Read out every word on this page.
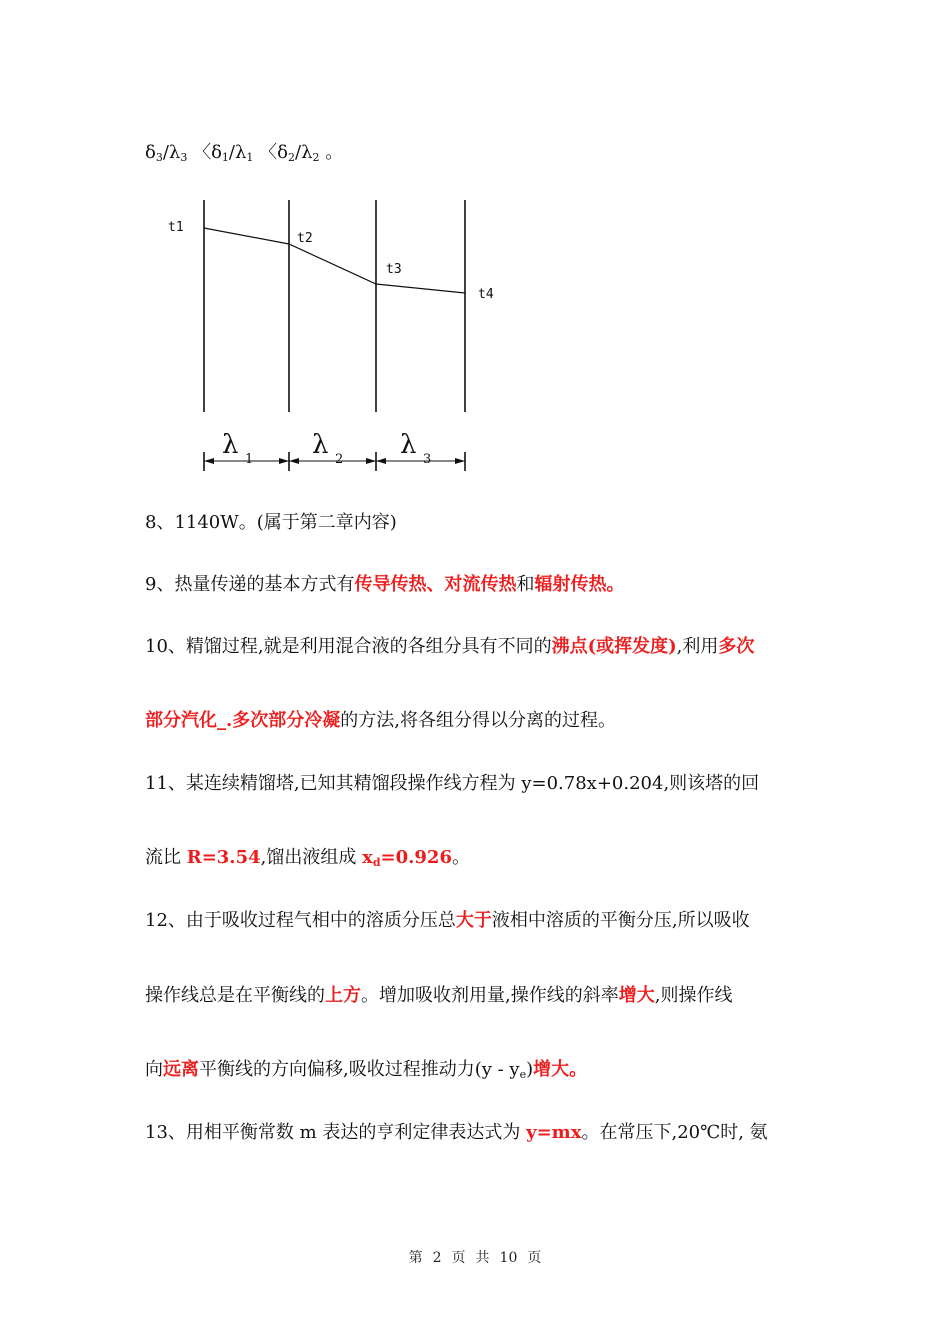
$\delta_3/\lambda_3$ 〈$\delta_1/\lambda_1$ 〈$\delta_2/\lambda_2$ 。
t1
t2
t3
t4
λ 1 λ 2 λ 3
8、1140W。(属于第二章内容)
9、热量传递的基本方式有传导传热、对流传热和辐射传热。
10、精馏过程,就是利用混合液的各组分具有不同的沸点(或挥发度),利用多次
部分汽化_.多次部分冷凝的方法,将各组分得以分离的过程。
11、某连续精馏塔,已知其精馏段操作线方程为 y=0.78x+0.204,则该塔的回
流比 R=3.54,馏出液组成 $x_d=0.926$。
12、由于吸收过程气相中的溶质分压总大于液相中溶质的平衡分压,所以吸收
操作线总是在平衡线的上方。增加吸收剂用量,操作线的斜率增大,则操作线
向远离平衡线的方向偏移,吸收过程推动力$(y - y_e)$增大。
13、用相平衡常数 m 表达的亨利定律表达式为 y=mx。在常压下,20℃时, 氨
第 2 页 共 10 页
